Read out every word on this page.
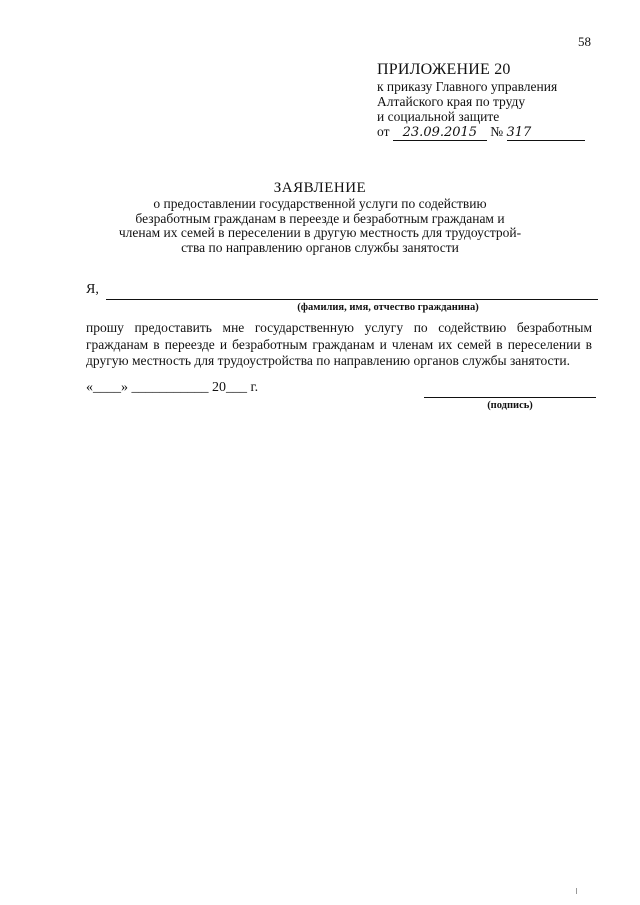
58
ПРИЛОЖЕНИЕ 20
к приказу Главного управления
Алтайского края по труду
и социальной защите
от 23.09.2015 № 317
ЗАЯВЛЕНИЕ
о предоставлении государственной услуги по содействию
безработным гражданам в переезде и безработным гражданам и
членам их семей в переселении в другую местность для трудоустрой-
ства по направлению органов службы занятости
Я,
(фамилия, имя, отчество гражданина)
прошу предоставить мне государственную услугу по содействию безработным
гражданам в переезде и безработным гражданам и членам их семей в переселении в
другую местность для трудоустройства по направлению органов службы занятости.
«____» ___________ 20___ г.
(подпись)
